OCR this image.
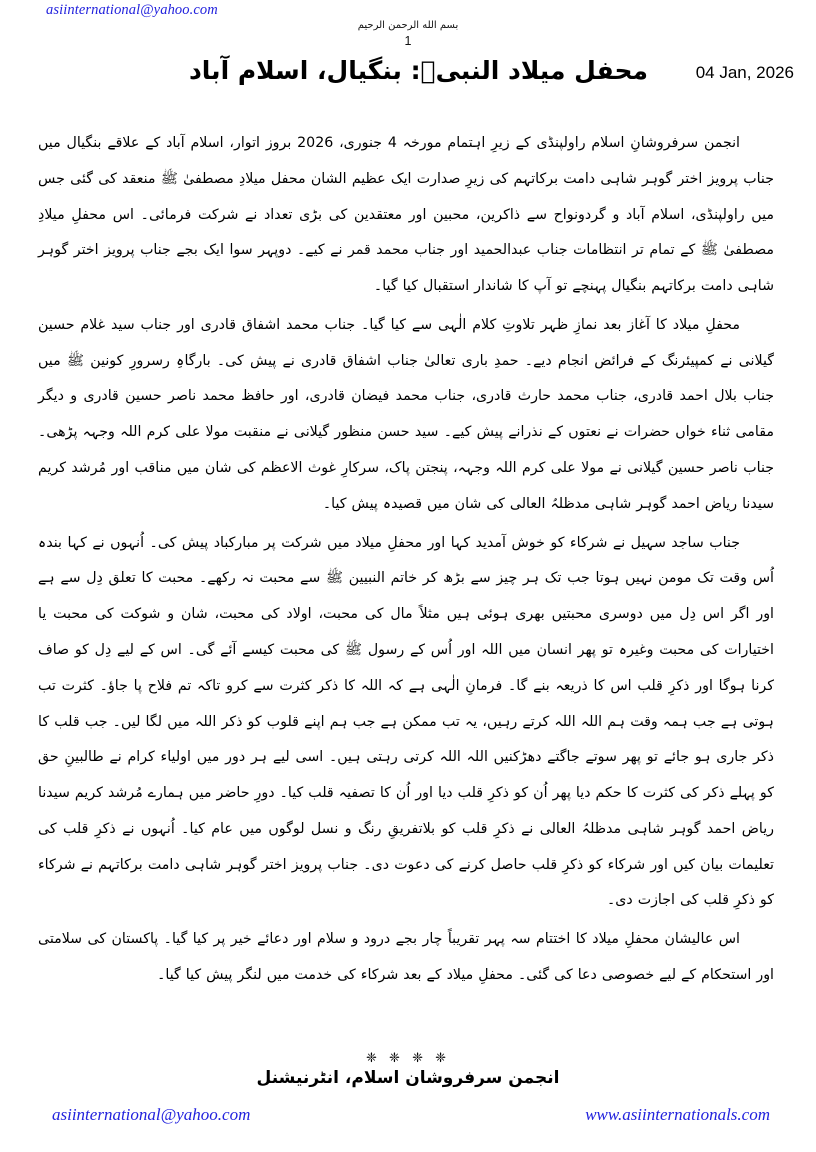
asiinternational@yahoo.com
بسم الله الرحمن الرحيم
1
محفل میلاد النبیؐ: بنگیال، اسلام آباد	04 Jan, 2026

انجمن سرفروشانِ اسلام راولپنڈی کے زیرِ اہتمام مورخہ 4 جنوری، 2026 بروز اتوار، اسلام آباد کے علاقے بنگیال میں جناب پرویز اختر گوہر شاہی دامت برکاتہم کی زیرِ صدارت ایک عظیم الشان محفل میلادِ مصطفیٰ ﷺ منعقد کی گئی جس میں راولپنڈی، اسلام آباد و گردونواح سے ذاکرین، محبین اور معتقدین کی بڑی تعداد نے شرکت فرمائی۔ اس محفلِ میلادِ مصطفیٰ ﷺ کے تمام تر انتظامات جناب عبدالحمید اور جناب محمد قمر نے کیے۔ دوپہر سوا ایک بجے جناب پرویز اختر گوہر شاہی دامت برکاتہم بنگیال پہنچے تو آپ کا شاندار استقبال کیا گیا۔

محفلِ میلاد کا آغاز بعد نمازِ ظہر تلاوتِ کلام الٰہی سے کیا گیا۔ جناب محمد اشفاق قادری اور جناب سید غلام حسین گیلانی نے کمپیئرنگ کے فرائض انجام دیے۔ حمدِ باری تعالیٰ جناب اشفاق قادری نے پیش کی۔ بارگاہِ رسرورِ کونین ﷺ میں جناب بلال احمد قادری، جناب محمد حارث قادری، جناب محمد فیضان قادری، اور حافظ محمد ناصر حسین قادری و دیگر مقامی ثناء خواں حضرات نے نعتوں کے نذرانے پیش کیے۔ سید حسن منظور گیلانی نے منقبت مولا علی کرم اللہ وجہہ پڑھی۔ جناب ناصر حسین گیلانی نے مولا علی کرم اللہ وجہہ، پنجتن پاک، سرکارِ غوث الاعظم کی شان میں مناقب اور مُرشد کریم سیدنا ریاض احمد گوہر شاہی مدظلہُ العالی کی شان میں قصیدہ پیش کیا۔

جناب ساجد سہیل نے شرکاء کو خوش آمدید کہا اور محفلِ میلاد میں شرکت پر مبارکباد پیش کی۔ اُنہوں نے کہا بندہ اُس وقت تک مومن نہیں ہوتا جب تک ہر چیز سے بڑھ کر خاتم النبیین ﷺ سے محبت نہ رکھے۔ محبت کا تعلق دِل سے ہے اور اگر اس دِل میں دوسری محبتیں بھری ہوئی ہیں مثلاً مال کی محبت، اولاد کی محبت، شان و شوکت کی محبت یا اختیارات کی محبت وغیرہ تو پھر انسان میں اللہ اور اُس کے رسول ﷺ کی محبت کیسے آئے گی۔ اس کے لیے دِل کو صاف کرنا ہوگا اور ذکرِ قلب اس کا ذریعہ بنے گا۔ فرمانِ الٰہی ہے کہ اللہ کا ذکر کثرت سے کرو تاکہ تم فلاح پا جاؤ۔ کثرت تب ہوتی ہے جب ہمہ وقت ہم اللہ اللہ کرتے رہیں، یہ تب ممکن ہے جب ہم اپنے قلوب کو ذکر اللہ میں لگا لیں۔ جب قلب کا ذکر جاری ہو جائے تو پھر سوتے جاگتے دھڑکنیں اللہ اللہ کرتی رہتی ہیں۔ اسی لیے ہر دور میں اولیاء کرام نے طالبینِ حق کو پہلے ذکر کی کثرت کا حکم دیا پھر اُن کو ذکرِ قلب دیا اور اُن کا تصفیہ قلب کیا۔ دورِ حاضر میں ہمارے مُرشد کریم سیدنا ریاض احمد گوہر شاہی مدظلہُ العالی نے ذکرِ قلب کو بلاتفریقِ رنگ و نسل لوگوں میں عام کیا۔ اُنہوں نے ذکرِ قلب کی تعلیمات بیان کیں اور شرکاء کو ذکرِ قلب حاصل کرنے کی دعوت دی۔ جناب پرویز اختر گوہر شاہی دامت برکاتہم نے شرکاء کو ذکرِ قلب کی اجازت دی۔

اس عالیشان محفلِ میلاد کا اختتام سہ پہر تقریباً چار بجے درود و سلام اور دعائے خیر پر کیا گیا۔ پاکستان کی سلامتی اور استحکام کے لیے خصوصی دعا کی گئی۔ محفلِ میلاد کے بعد شرکاء کی خدمت میں لنگر پیش کیا گیا۔

❈ ❈ ❈ ❈
انجمن سرفروشان اسلام، انٹرنیشنل
asiinternational@yahoo.com	www.asiinternationals.com
